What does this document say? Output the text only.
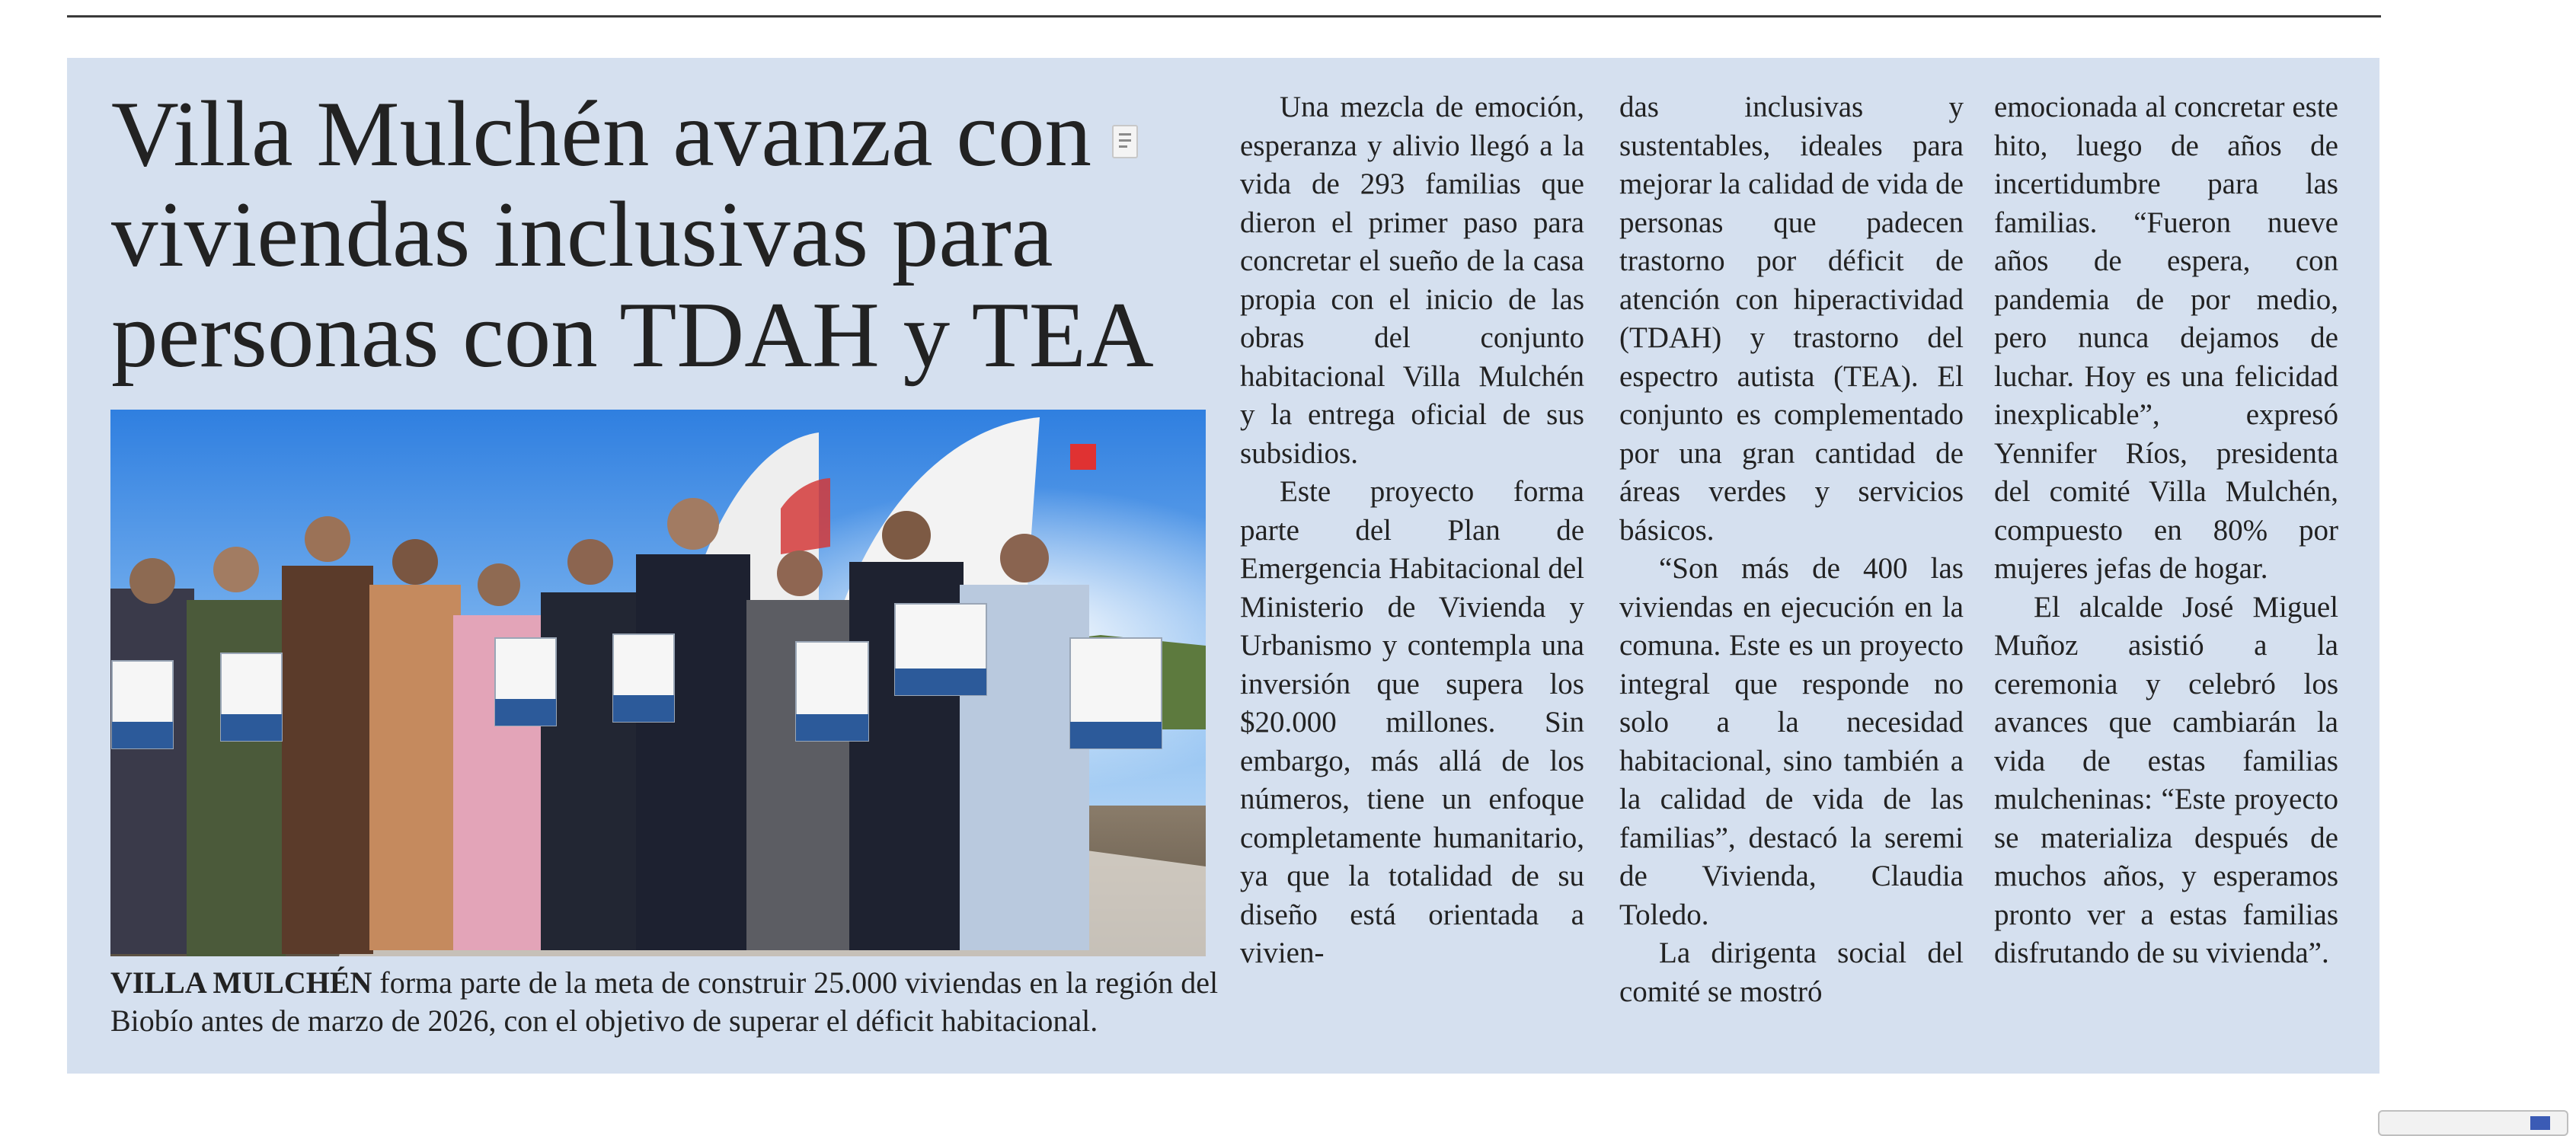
Villa Mulchén avanza con viviendas inclusivas para personas con TDAH y TEA

VILLA MULCHÉN forma parte de la meta de construir 25.000 viviendas en la región del Biobío antes de marzo de 2026, con el objetivo de superar el déficit habitacional.

Una mezcla de emoción, esperanza y alivio llegó a la vida de 293 familias que dieron el primer paso para concretar el sueño de la casa propia con el inicio de las obras del conjunto habitacional Villa Mulchén y la entrega oficial de sus subsidios.

Este proyecto forma parte del Plan de Emergencia Habitacional del Ministerio de Vivienda y Urbanismo y contempla una inversión que supera los $20.000 millones. Sin embargo, más allá de los números, tiene un enfoque completamente humanitario, ya que la totalidad de su diseño está orientada a vivien-

das inclusivas y sustentables, ideales para mejorar la calidad de vida de personas que padecen trastorno por déficit de atención con hiperactividad (TDAH) y trastorno del espectro autista (TEA). El conjunto es complementado por una gran cantidad de áreas verdes y servicios básicos.

“Son más de 400 las viviendas en ejecución en la comuna. Este es un proyecto integral que responde no solo a la necesidad habitacional, sino también a la calidad de vida de las familias”, destacó la seremi de Vivienda, Claudia Toledo.

La dirigenta social del comité se mostró

emocionada al concretar este hito, luego de años de incertidumbre para las familias. “Fueron nueve años de espera, con pandemia de por medio, pero nunca dejamos de luchar. Hoy es una felicidad inexplicable”, expresó Yennifer Ríos, presidenta del comité Villa Mulchén, compuesto en 80% por mujeres jefas de hogar.

El alcalde José Miguel Muñoz asistió a la ceremonia y celebró los avances que cambiarán la vida de estas familias mulcheninas: “Este proyecto se materializa después de muchos años, y esperamos pronto ver a estas familias disfrutando de su vivienda”.
